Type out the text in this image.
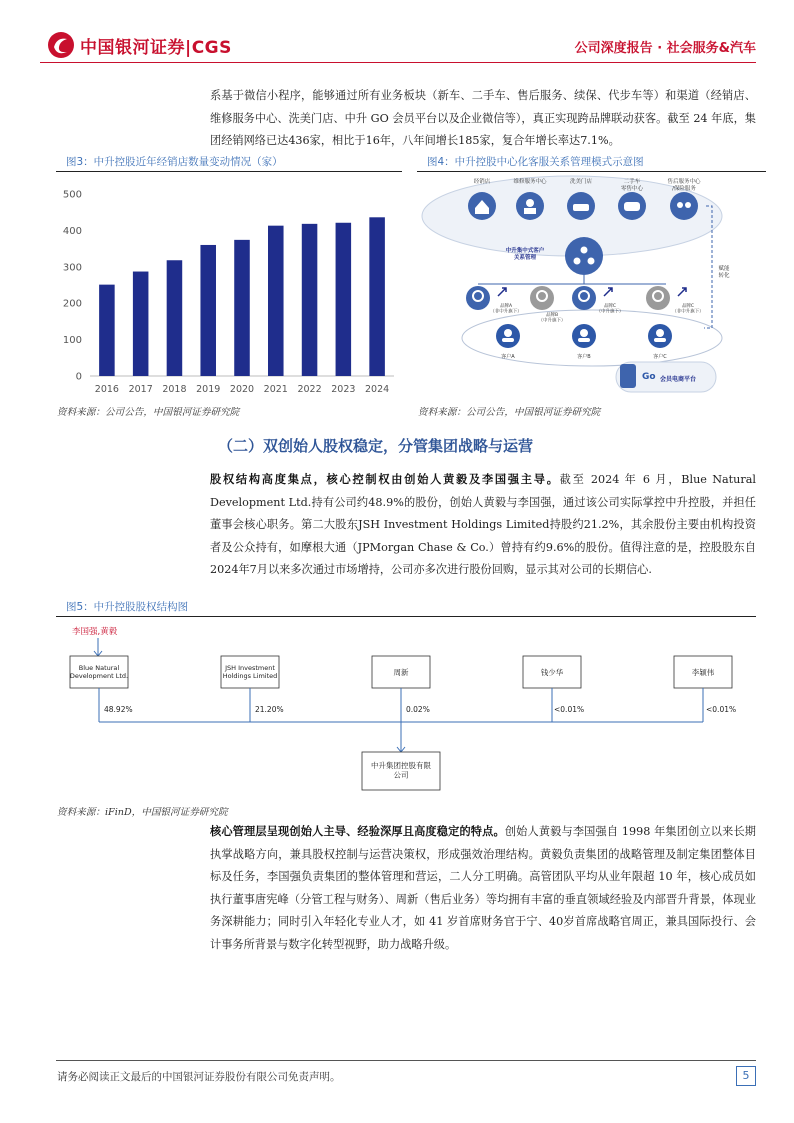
中国银河证券|CGS	公司深度报告 · 社会服务&汽车
系基于微信小程序，能够通过所有业务板块（新车、二手车、售后服务、续保、代步车等）和渠道（经销店、维修服务中心、洗美门店、中升 GO 会员平台以及企业微信等），真正实现跨品牌联动获客。截至 24 年底，集团经销网络已达436家，相比于16年，八年间增长185家，复合年增长率达7.1%。
图3：中升控股近年经销店数量变动情况（家）
0
100
200
300
400
500
2016 2017 2018 2019 2020 2021 2022 2023 2024
资料来源：公司公告，中国银河证券研究院
图4：中升控股中心化客服关系管理模式示意图
经销店	维修服务中心	洗美门店	二手车零售中心
售后服务中心/保险服务
中升集中式客户关系管理
赋能转化
品牌A （非中升旗下）
品牌B （中升旗下）
品牌C （中升旗下）
品牌C （非中升旗下）
客户A	客户B	客户C
Go 会员电商平台
资料来源：公司公告，中国银河证券研究院
（二）双创始人股权稳定，分管集团战略与运营
股权结构高度集点，核心控制权由创始人黄毅及李国强主导。截至 2024 年 6 月，Blue Natural Development Ltd.持有公司约48.9%的股份，创始人黄毅与李国强，通过该公司实际掌控中升控股，并担任董事会核心职务。第二大股东JSH Investment Holdings Limited持股约21.2%，其余股份主要由机构投资者及公众持有，如摩根大通（JPMorgan Chase & Co.）曾持有约9.6%的股份。值得注意的是，控股股东自2024年7月以来多次通过市场增持，公司亦多次进行股份回购，显示其对公司的长期信心.
图5：中升控股股权结构图
李国强,黄毅
Blue Natural Development Ltd.
JSH Investment Holdings Limited	周新	钱少华	李颖伟
48.92%	21.20%	0.02%	<0.01%	<0.01%
中升集团控股有限公司
资料来源：iFinD，中国银河证券研究院
核心管理层呈现创始人主导、经验深厚且高度稳定的特点。创始人黄毅与李国强自 1998 年集团创立以来长期执掌战略方向，兼具股权控制与运营决策权，形成强效治理结构。黄毅负责集团的战略管理及制定集团整体目标及任务，李国强负责集团的整体管理和营运，二人分工明确。高管团队平均从业年限超 10 年，核心成员如执行董事唐宪峰（分管工程与财务）、周新（售后业务）等均拥有丰富的垂直领域经验及内部晋升背景，体现业务深耕能力；同时引入年轻化专业人才，如 41 岁首席财务官于宁、40岁首席战略官周正，兼具国际投行、会计事务所背景与数字化转型视野，助力战略升级。
请务必阅读正文最后的中国银河证券股份有限公司免责声明。	5
